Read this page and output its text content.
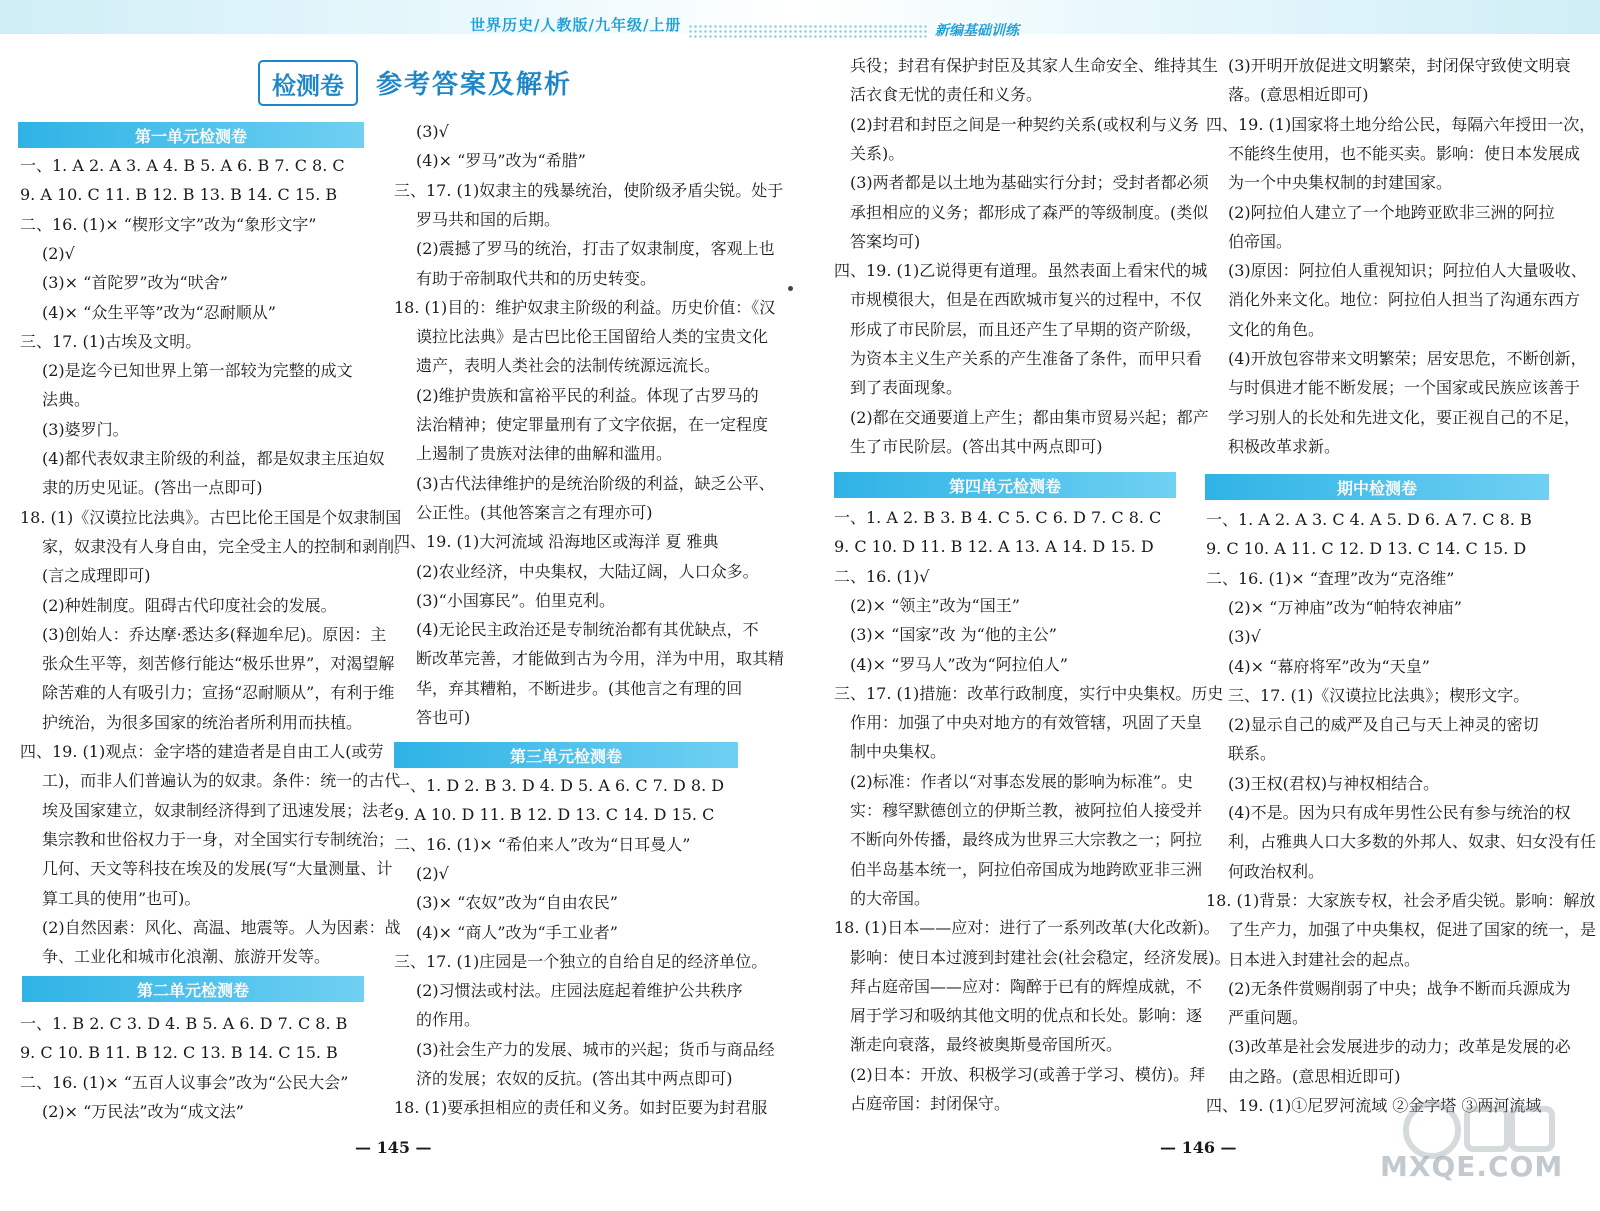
世界历史/人教版/九年级/上册	新编基础训练
检测卷	参考答案及解析
第一单元检测卷
第二单元检测卷
第三单元检测卷
第四单元检测卷	期中检测卷
一、1. A 2. A 3. A 4. B 5. A 6. B 7. C 8. C
9. A 10. C 11. B 12. B 13. B 14. C 15. B
二、16. (1)× “楔形文字”改为“象形文字”
(2)√
(3)× “首陀罗”改为“吠舍”
(4)× “众生平等”改为“忍耐顺从”
三、17. (1)古埃及文明。
(2)是迄今已知世界上第一部较为完整的成文
法典。
(3)婆罗门。
(4)都代表奴隶主阶级的利益，都是奴隶主压迫奴
隶的历史见证。(答出一点即可)
18. (1)《汉谟拉比法典》。古巴比伦王国是个奴隶制国
家，奴隶没有人身自由，完全受主人的控制和剥削。
(言之成理即可)
(2)种姓制度。阻碍古代印度社会的发展。
(3)创始人：乔达摩·悉达多(释迦牟尼)。原因：主
张众生平等，刻苦修行能达“极乐世界”，对渴望解
除苦难的人有吸引力；宣扬“忍耐顺从”，有利于维
护统治，为很多国家的统治者所利用而扶植。
四、19. (1)观点：金字塔的建造者是自由工人(或劳
工)，而非人们普遍认为的奴隶。条件：统一的古代
埃及国家建立，奴隶制经济得到了迅速发展；法老
集宗教和世俗权力于一身，对全国实行专制统治；
几何、天文等科技在埃及的发展(写“大量测量、计
算工具的使用”也可)。
(2)自然因素：风化、高温、地震等。人为因素：战
争、工业化和城市化浪潮、旅游开发等。
一、1. B 2. C 3. D 4. B 5. A 6. D 7. C 8. B
9. C 10. B 11. B 12. C 13. B 14. C 15. B
二、16. (1)× “五百人议事会”改为“公民大会”
(2)× “万民法”改为“成文法”
(3)√
(4)× “罗马”改为“希腊”
三、17. (1)奴隶主的残暴统治，使阶级矛盾尖锐。处于
罗马共和国的后期。
(2)震撼了罗马的统治，打击了奴隶制度，客观上也
有助于帝制取代共和的历史转变。
18. (1)目的：维护奴隶主阶级的利益。历史价值：《汉
谟拉比法典》是古巴比伦王国留给人类的宝贵文化
遗产，表明人类社会的法制传统源远流长。
(2)维护贵族和富裕平民的利益。体现了古罗马的
法治精神；使定罪量刑有了文字依据，在一定程度
上遏制了贵族对法律的曲解和滥用。
(3)古代法律维护的是统治阶级的利益，缺乏公平、
公正性。(其他答案言之有理亦可)
四、19. (1)大河流域 沿海地区或海洋 夏 雅典
(2)农业经济，中央集权，大陆辽阔，人口众多。
(3)“小国寡民”。伯里克利。
(4)无论民主政治还是专制统治都有其优缺点，不
断改革完善，才能做到古为今用，洋为中用，取其精
华，弃其糟粕，不断进步。(其他言之有理的回
答也可)
一、1. D 2. B 3. D 4. D 5. A 6. C 7. D 8. D
9. A 10. D 11. B 12. D 13. C 14. D 15. C
二、16. (1)× “希伯来人”改为“日耳曼人”
(2)√
(3)× “农奴”改为“自由农民”
(4)× “商人”改为“手工业者”
三、17. (1)庄园是一个独立的自给自足的经济单位。
(2)习惯法或村法。庄园法庭起着维护公共秩序
的作用。
(3)社会生产力的发展、城市的兴起；货币与商品经
济的发展；农奴的反抗。(答出其中两点即可)
18. (1)要承担相应的责任和义务。如封臣要为封君服
兵役；封君有保护封臣及其家人生命安全、维持其生
活衣食无忧的责任和义务。
(2)封君和封臣之间是一种契约关系(或权利与义务
关系)。
(3)两者都是以土地为基础实行分封；受封者都必须
承担相应的义务；都形成了森严的等级制度。(类似
答案均可)
四、19. (1)乙说得更有道理。虽然表面上看宋代的城
市规模很大，但是在西欧城市复兴的过程中，不仅
形成了市民阶层，而且还产生了早期的资产阶级，
为资本主义生产关系的产生准备了条件，而甲只看
到了表面现象。
(2)都在交通要道上产生；都由集市贸易兴起；都产
生了市民阶层。(答出其中两点即可)
一、1. A 2. B 3. B 4. C 5. C 6. D 7. C 8. C
9. C 10. D 11. B 12. A 13. A 14. D 15. D
二、16. (1)√
(2)× “领主”改为“国王”
(3)× “国家”改 为“他的主公”
(4)× “罗马人”改为“阿拉伯人”
三、17. (1)措施：改革行政制度，实行中央集权。历史
作用：加强了中央对地方的有效管辖，巩固了天皇
制中央集权。
(2)标准：作者以“对事态发展的影响为标准”。史
实：穆罕默德创立的伊斯兰教，被阿拉伯人接受并
不断向外传播，最终成为世界三大宗教之一；阿拉
伯半岛基本统一，阿拉伯帝国成为地跨欧亚非三洲
的大帝国。
18. (1)日本——应对：进行了一系列改革(大化改新)。
影响：使日本过渡到封建社会(社会稳定，经济发展)。
拜占庭帝国——应对：陶醉于已有的辉煌成就，不
屑于学习和吸纳其他文明的优点和长处。影响：逐
渐走向衰落，最终被奥斯曼帝国所灭。
(2)日本：开放、积极学习(或善于学习、模仿)。拜
占庭帝国：封闭保守。
(3)开明开放促进文明繁荣，封闭保守致使文明衰
落。(意思相近即可)
四、19. (1)国家将土地分给公民，每隔六年授田一次，
不能终生使用，也不能买卖。影响：使日本发展成
为一个中央集权制的封建国家。
(2)阿拉伯人建立了一个地跨亚欧非三洲的阿拉
伯帝国。
(3)原因：阿拉伯人重视知识；阿拉伯人大量吸收、
消化外来文化。地位：阿拉伯人担当了沟通东西方
文化的角色。
(4)开放包容带来文明繁荣；居安思危，不断创新，
与时俱进才能不断发展；一个国家或民族应该善于
学习别人的长处和先进文化，要正视自己的不足，
积极改革求新。
一、1. A 2. A 3. C 4. A 5. D 6. A 7. C 8. B
9. C 10. A 11. C 12. D 13. C 14. C 15. D
二、16. (1)× “査理”改为“克洛维”
(2)× “万神庙”改为“帕特农神庙”
(3)√
(4)× “幕府将军”改为“天皇”
三、17. (1)《汉谟拉比法典》；楔形文字。
(2)显示自己的威严及自己与天上神灵的密切
联系。
(3)王权(君权)与神权相结合。
(4)不是。因为只有成年男性公民有参与统治的权
利，占雅典人口大多数的外邦人、奴隶、妇女没有任
何政治权利。
18. (1)背景：大家族专权，社会矛盾尖锐。影响：解放
了生产力，加强了中央集权，促进了国家的统一，是
日本进入封建社会的起点。
(2)无条件赏赐削弱了中央；战争不断而兵源成为
严重问题。
(3)改革是社会发展进步的动力；改革是发展的必
由之路。(意思相近即可)
四、19. (1)①尼罗河流域 ②金字塔 ③两河流域
— 145 —	— 146 —
MXQE.COM
